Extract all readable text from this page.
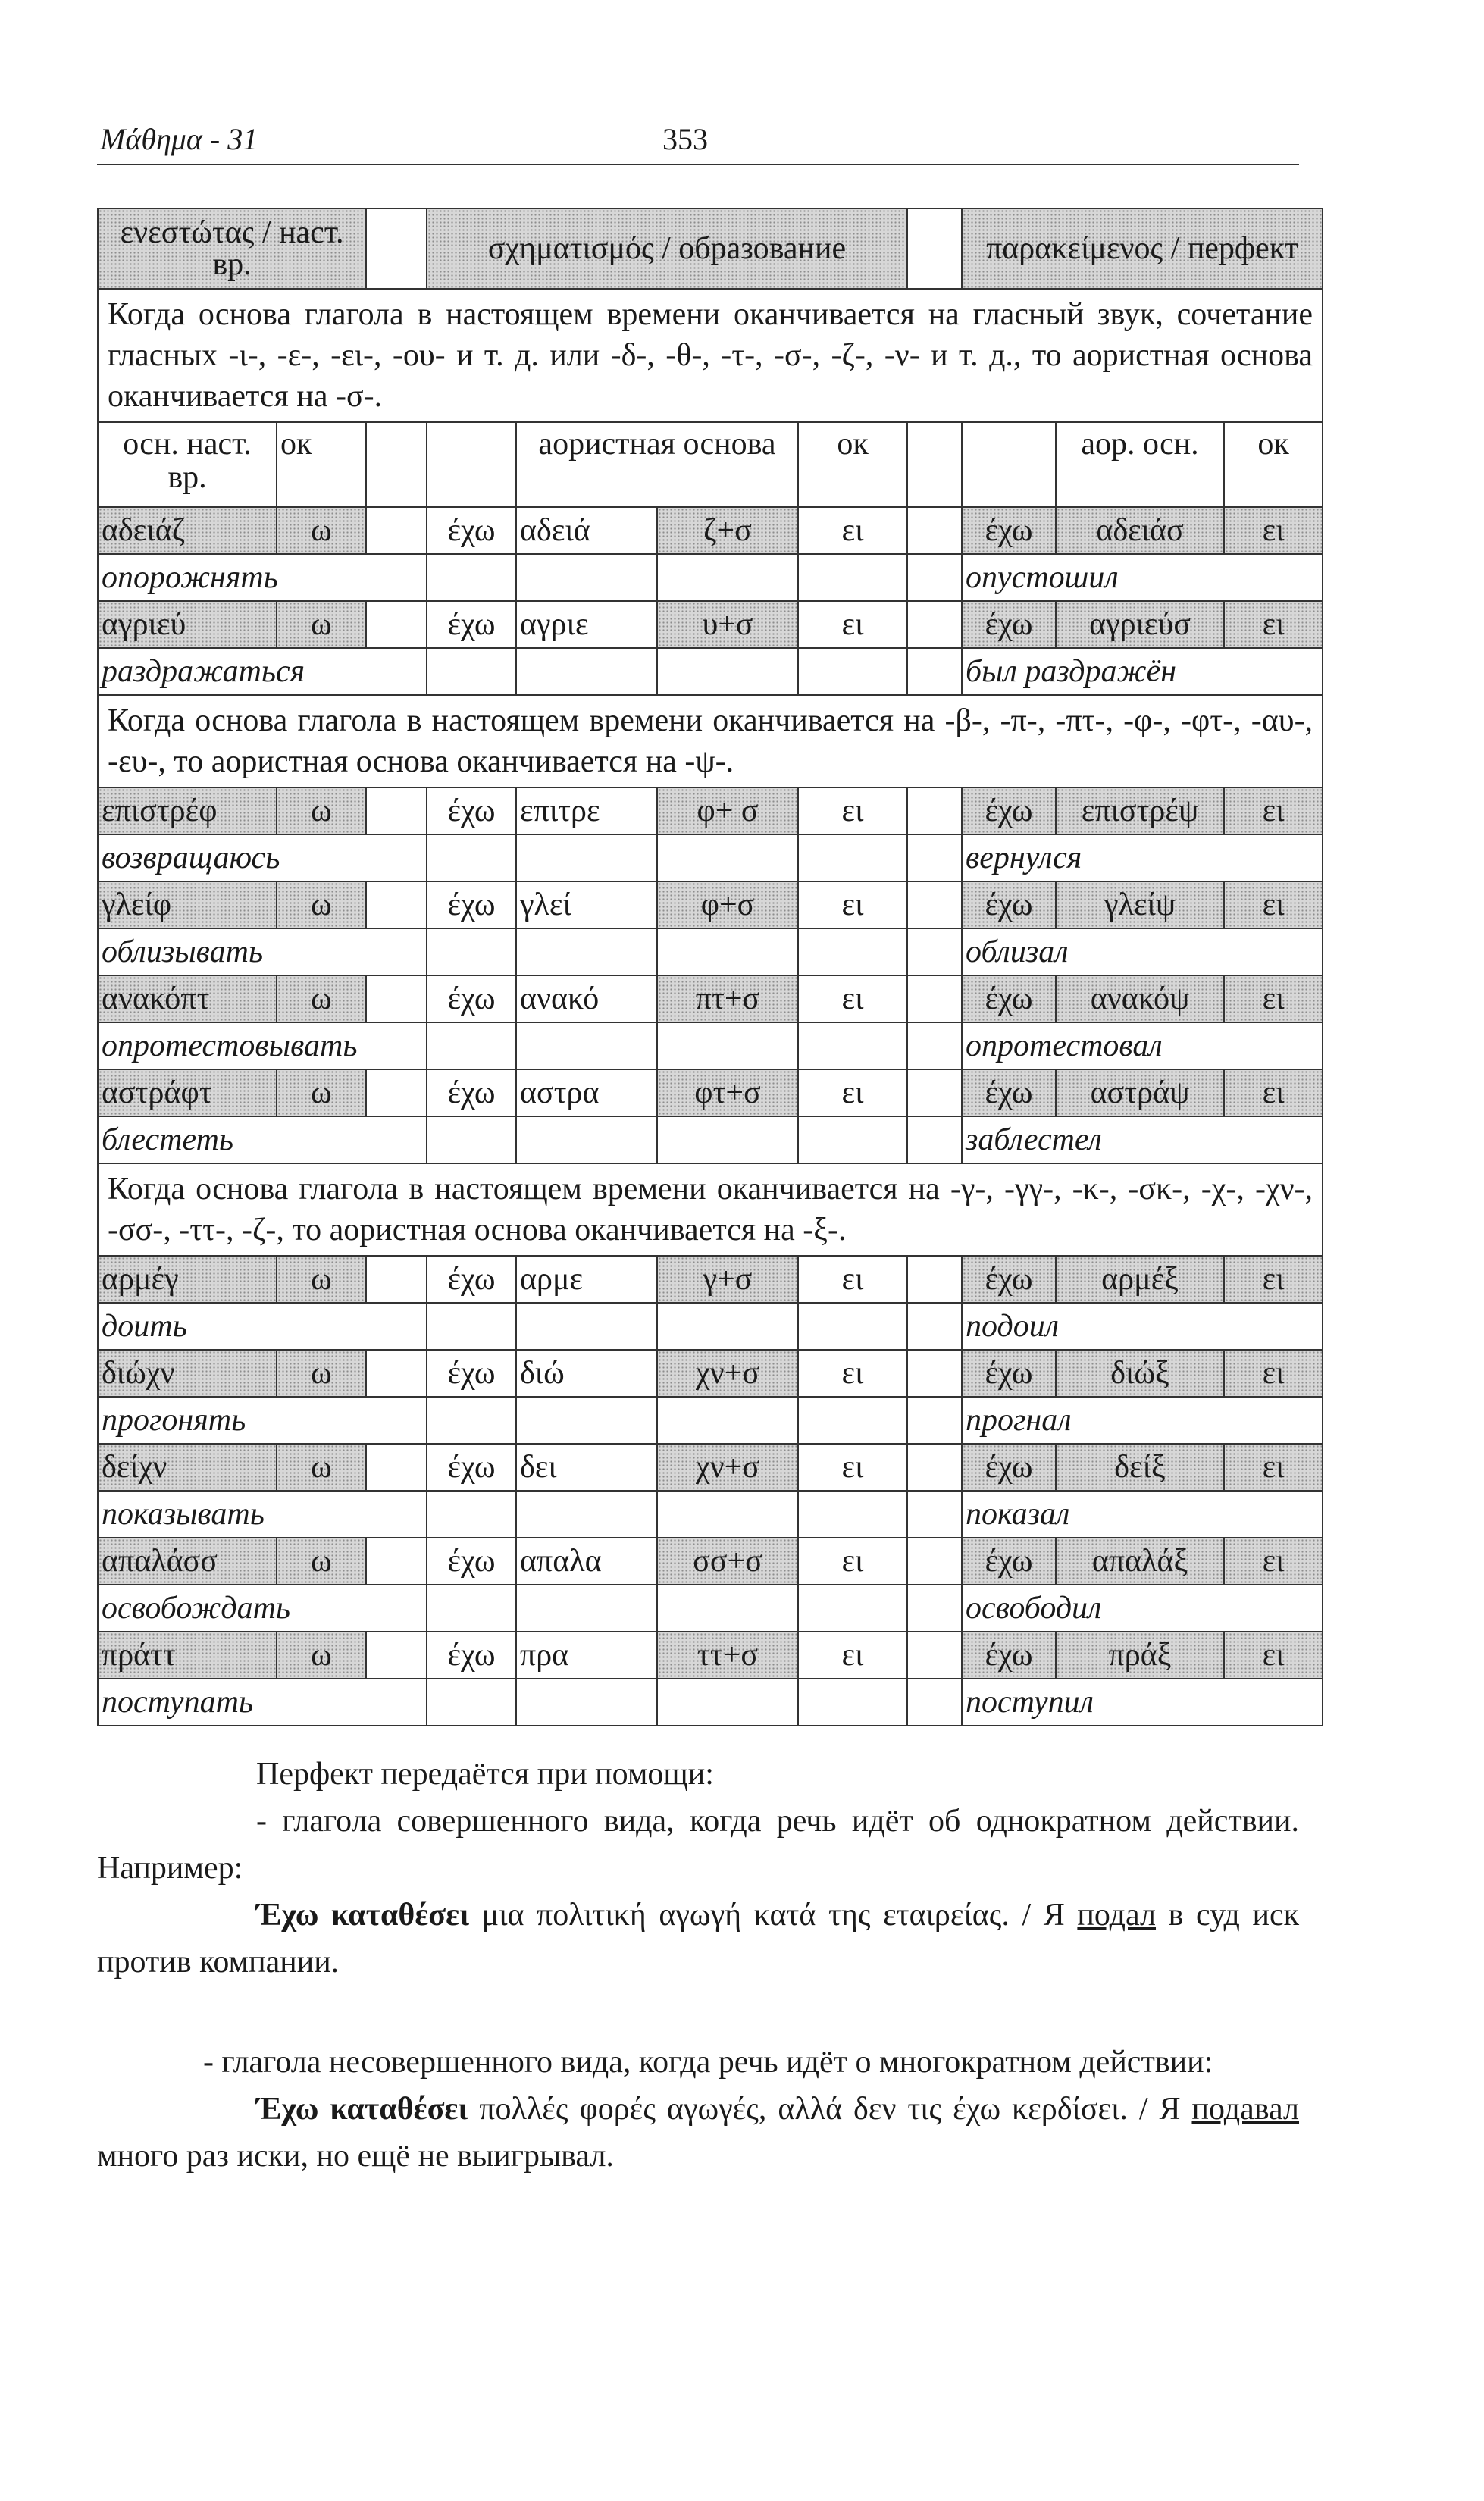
Μάθημα - 31	353
ενεστώτας / наст. вр.			σχηματισμός / образование					παρακείμενος / перфект		
Когда основа глагола в настоящем времени оканчивается на гласный звук, сочетание гласных -ι-, -ε-, -ει-, -ου- и т. д. или -δ-, -θ-, -τ-, -σ-, -ζ-, -ν- и т. д., то аористная основа оканчивается на -σ-.										
осн. наст. вр.	ок			аористная основа		ок			аор. осн.	ок
αδειάζ	ω		έχω	αδειά	ζ+σ	ει		έχω	αδειάσ	ει
опорожнять								опустошил		
αγριεύ	ω		έχω	αγριε	υ+σ	ει		έχω	αγριεύσ	ει
раздражаться								был раздражён		
Когда основа глагола в настоящем времени оканчивается на -β-, -π-, -πτ-, -φ-, -φτ-, -αυ-, -ευ-, то аористная основа оканчивается на -ψ-.										
επιστρέφ	ω		έχω	επιτρε	φ+ σ	ει		έχω	επιστρέψ	ει
возвращаюсь								вернулся		
γλείφ	ω		έχω	γλεί	φ+σ	ει		έχω	γλείψ	ει
облизывать								облизал		
ανακόπτ	ω		έχω	ανακό	πτ+σ	ει		έχω	ανακόψ	ει
опротестовывать								опротестовал		
αστράφτ	ω		έχω	αστρα	φτ+σ	ει		έχω	αστράψ	ει
блестеть								заблестел		
Когда основа глагола в настоящем времени оканчивается на -γ-, -γγ-, -κ-, -σκ-, -χ-, -χν-, -σσ-, -ττ-, -ζ-, то аористная основа оканчивается на -ξ-.										
αρμέγ	ω		έχω	αρμε	γ+σ	ει		έχω	αρμέξ	ει
доить								подоил		
διώχν	ω		έχω	διώ	χν+σ	ει		έχω	διώξ	ει
прогонять								прогнал		
δείχν	ω		έχω	δει	χν+σ	ει		έχω	δείξ	ει
показывать								показал		
απαλάσσ	ω		έχω	απαλα	σσ+σ	ει		έχω	απαλάξ	ει
освобождать								освободил		
πράττ	ω		έχω	πρα	ττ+σ	ει		έχω	πράξ	ει
поступать								поступил		

Перфект передаётся при помощи:

- глагола совершенного вида, когда речь идёт об однократном действии. Например:

Έχω καταθέσει μια πολιτική αγωγή κατά της εταιρείας. / Я подал в суд иск против компании.

- глагола несовершенного вида, когда речь идёт о многократном действии:

Έχω καταθέσει πολλές φορές αγωγές, αλλά δεν τις έχω κερδίσει. / Я подавал много раз иски, но ещё не выигрывал.
